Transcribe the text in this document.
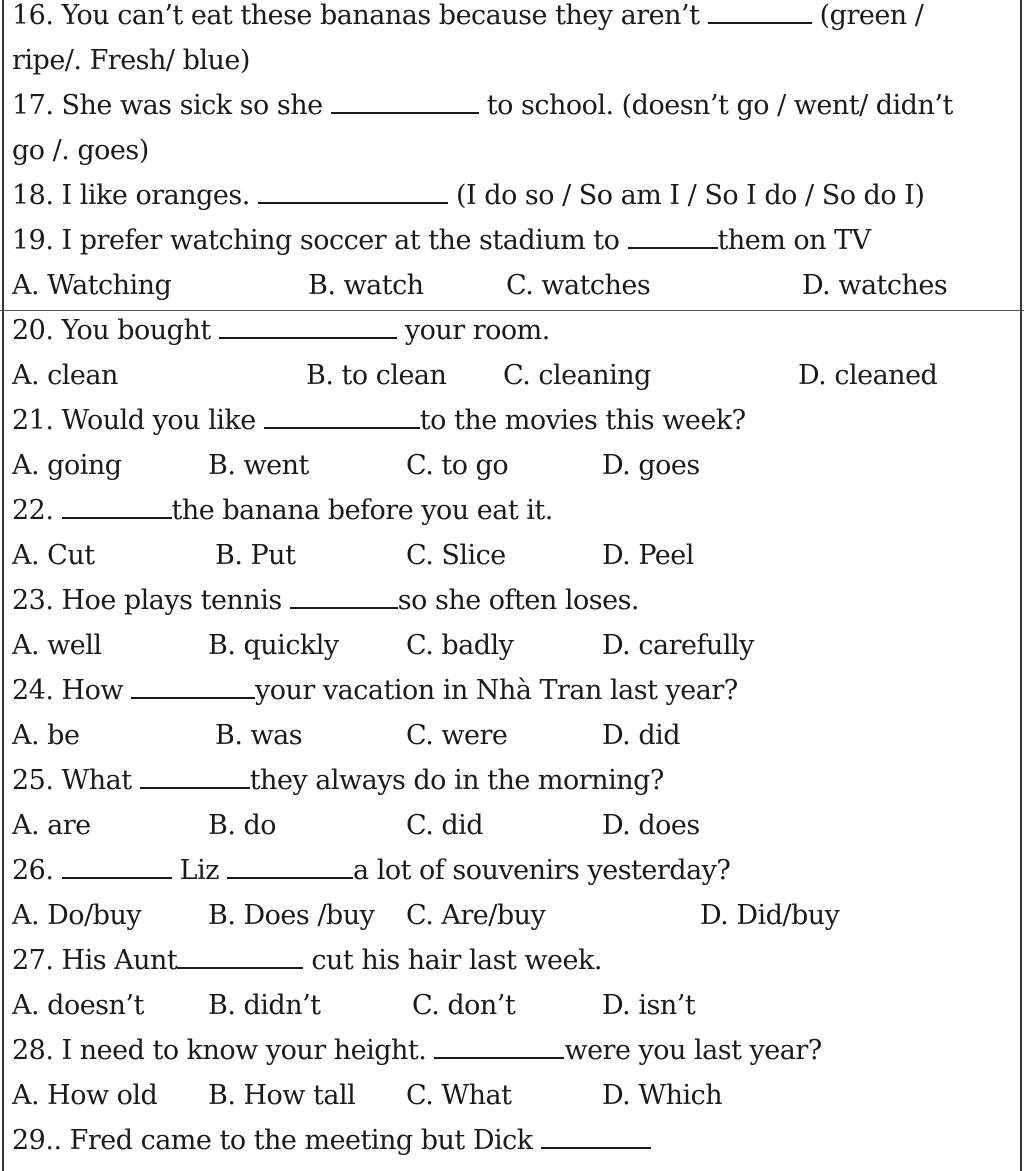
16. You can’t eat these bananas because they aren’t	(green /
ripe/. Fresh/ blue)
17. She was sick so she	to school. (doesn’t go / went/ didn’t
go /. goes)
18. I like oranges.	(I do so / So am I / So I do / So do I)
19. I prefer watching soccer at the stadium to	them on TV
A. Watching	B. watch	C. watches	D. watches
20. You bought	your room.
A. clean	B. to clean C. cleaning	D. cleaned
21. Would you like	to the movies this week?
A. going	B. went	C. to go	D. goes
22.	the banana before you eat it.
A. Cut	B. Put	C. Slice	D. Peel
23. Hoe plays tennis	so she often loses.
A. well	B. quickly C. badly	D. carefully
24. How	your vacation in Nhà Tran last year?
A. be	B. was	C. were	D. did
25. What	they always do in the morning?
A. are	B. do	C. did	D. does
26.	Liz	a lot of souvenirs yesterday?
A. Do/buy B. Does /buy C. Are/buy	D. Did/buy
27. His Aunt	cut his hair last week.
A. doesn’t B. didn’t	C. don’t	D. isn’t
28. I need to know your height.	were you last year?
A. How old B. How tall C. What	D. Which
29.. Fred came to the meeting but Dick
